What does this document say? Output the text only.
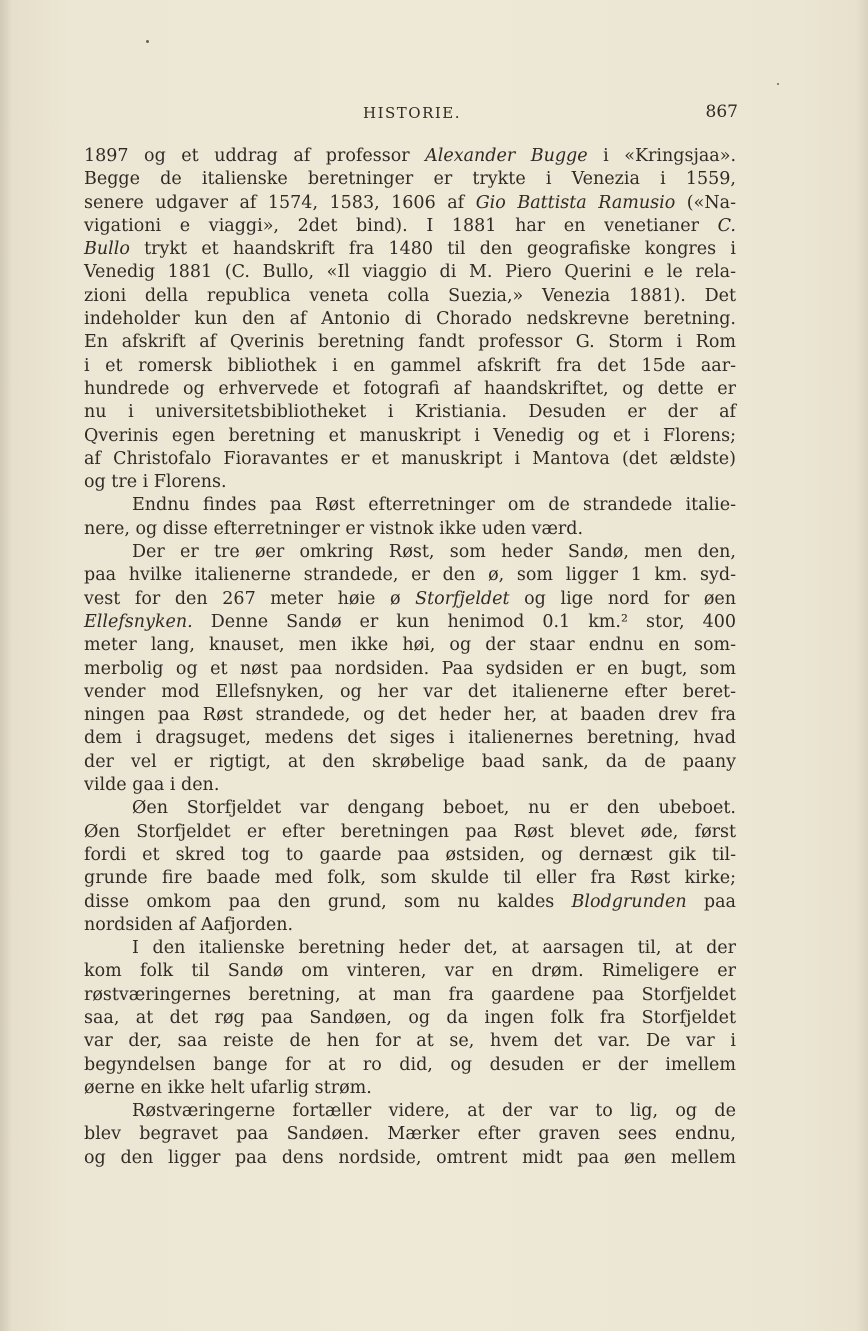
HISTORIE.	867
1897 og et uddrag af professor Alexander Bugge i «Kringsjaa».
Begge de italienske beretninger er trykte i Venezia i 1559,
senere udgaver af 1574, 1583, 1606 af Gio Battista Ramusio («Na-
vigationi e viaggi», 2det bind). I 1881 har en venetianer C.
Bullo trykt et haandskrift fra 1480 til den geografiske kongres i
Venedig 1881 (C. Bullo, «Il viaggio di M. Piero Querini e le rela-
zioni della republica veneta colla Suezia,» Venezia 1881). Det
indeholder kun den af Antonio di Chorado nedskrevne beretning.
En afskrift af Qverinis beretning fandt professor G. Storm i Rom
i et romersk bibliothek i en gammel afskrift fra det 15de aar-
hundrede og erhvervede et fotografi af haandskriftet, og dette er
nu i universitetsbibliotheket i Kristiania. Desuden er der af
Qverinis egen beretning et manuskript i Venedig og et i Florens;
af Christofalo Fioravantes er et manuskript i Mantova (det ældste)
og tre i Florens.
Endnu findes paa Røst efterretninger om de strandede italie-
nere, og disse efterretninger er vistnok ikke uden værd.
Der er tre øer omkring Røst, som heder Sandø, men den,
paa hvilke italienerne strandede, er den ø, som ligger 1 km. syd-
vest for den 267 meter høie ø Storfjeldet og lige nord for øen
Ellefsnyken. Denne Sandø er kun henimod 0.1 km.² stor, 400
meter lang, knauset, men ikke høi, og der staar endnu en som-
merbolig og et nøst paa nordsiden. Paa sydsiden er en bugt, som
vender mod Ellefsnyken, og her var det italienerne efter beret-
ningen paa Røst strandede, og det heder her, at baaden drev fra
dem i dragsuget, medens det siges i italienernes beretning, hvad
der vel er rigtigt, at den skrøbelige baad sank, da de paany
vilde gaa i den.
Øen Storfjeldet var dengang beboet, nu er den ubeboet.
Øen Storfjeldet er efter beretningen paa Røst blevet øde, først
fordi et skred tog to gaarde paa østsiden, og dernæst gik til-
grunde fire baade med folk, som skulde til eller fra Røst kirke;
disse omkom paa den grund, som nu kaldes Blodgrunden paa
nordsiden af Aafjorden.
I den italienske beretning heder det, at aarsagen til, at der
kom folk til Sandø om vinteren, var en drøm. Rimeligere er
røstværingernes beretning, at man fra gaardene paa Storfjeldet
saa, at det røg paa Sandøen, og da ingen folk fra Storfjeldet
var der, saa reiste de hen for at se, hvem det var. De var i
begyndelsen bange for at ro did, og desuden er der imellem
øerne en ikke helt ufarlig strøm.
Røstværingerne fortæller videre, at der var to lig, og de
blev begravet paa Sandøen. Mærker efter graven sees endnu,
og den ligger paa dens nordside, omtrent midt paa øen mellem
